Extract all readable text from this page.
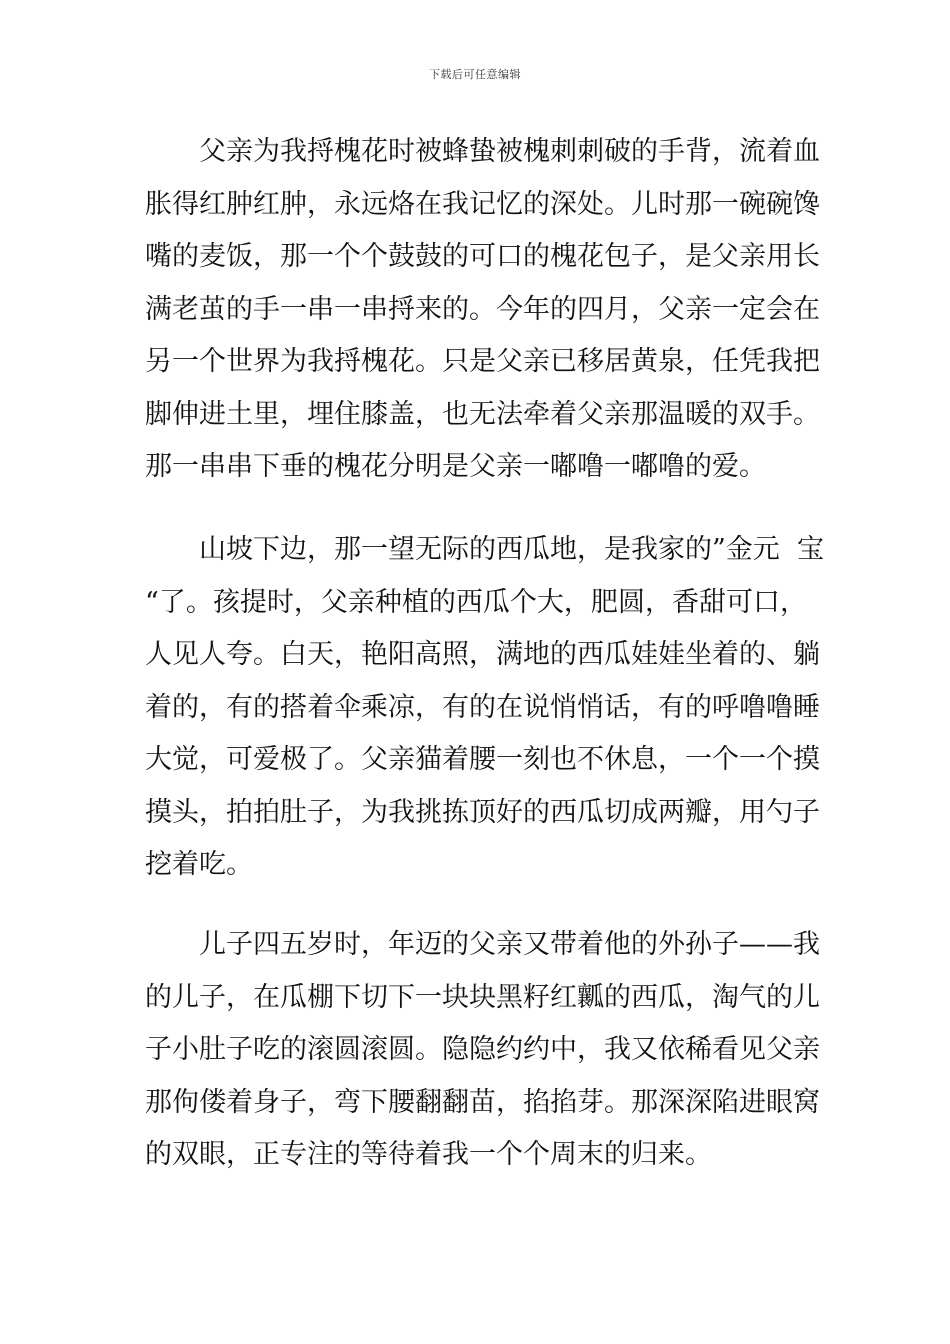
下载后可任意编辑
父亲为我捋槐花时被蜂蛰被槐刺刺破的手背，流着血
胀得红肿红肿，永远烙在我记忆的深处。儿时那一碗碗馋
嘴的麦饭，那一个个鼓鼓的可口的槐花包子，是父亲用长
满老茧的手一串一串捋来的。今年的四月，父亲一定会在
另一个世界为我捋槐花。只是父亲已移居黄泉，任凭我把
脚伸进土里，埋住膝盖，也无法牵着父亲那温暖的双手。
那一串串下垂的槐花分明是父亲一嘟噜一嘟噜的爱。
山坡下边，那一望无际的西瓜地，是我家的”金元  宝
“了。孩提时，父亲种植的西瓜个大，肥圆，香甜可口，
人见人夸。白天，艳阳高照，满地的西瓜娃娃坐着的、躺
着的，有的搭着伞乘凉，有的在说悄悄话，有的呼噜噜睡
大觉，可爱极了。父亲猫着腰一刻也不休息，一个一个摸
摸头，拍拍肚子，为我挑拣顶好的西瓜切成两瓣，用勺子
挖着吃。
儿子四五岁时，年迈的父亲又带着他的外孙子——我
的儿子，在瓜棚下切下一块块黑籽红瓤的西瓜，淘气的儿
子小肚子吃的滚圆滚圆。隐隐约约中，我又依稀看见父亲
那佝偻着身子，弯下腰翻翻苗，掐掐芽。那深深陷进眼窝
的双眼，正专注的等待着我一个个周末的归来。
